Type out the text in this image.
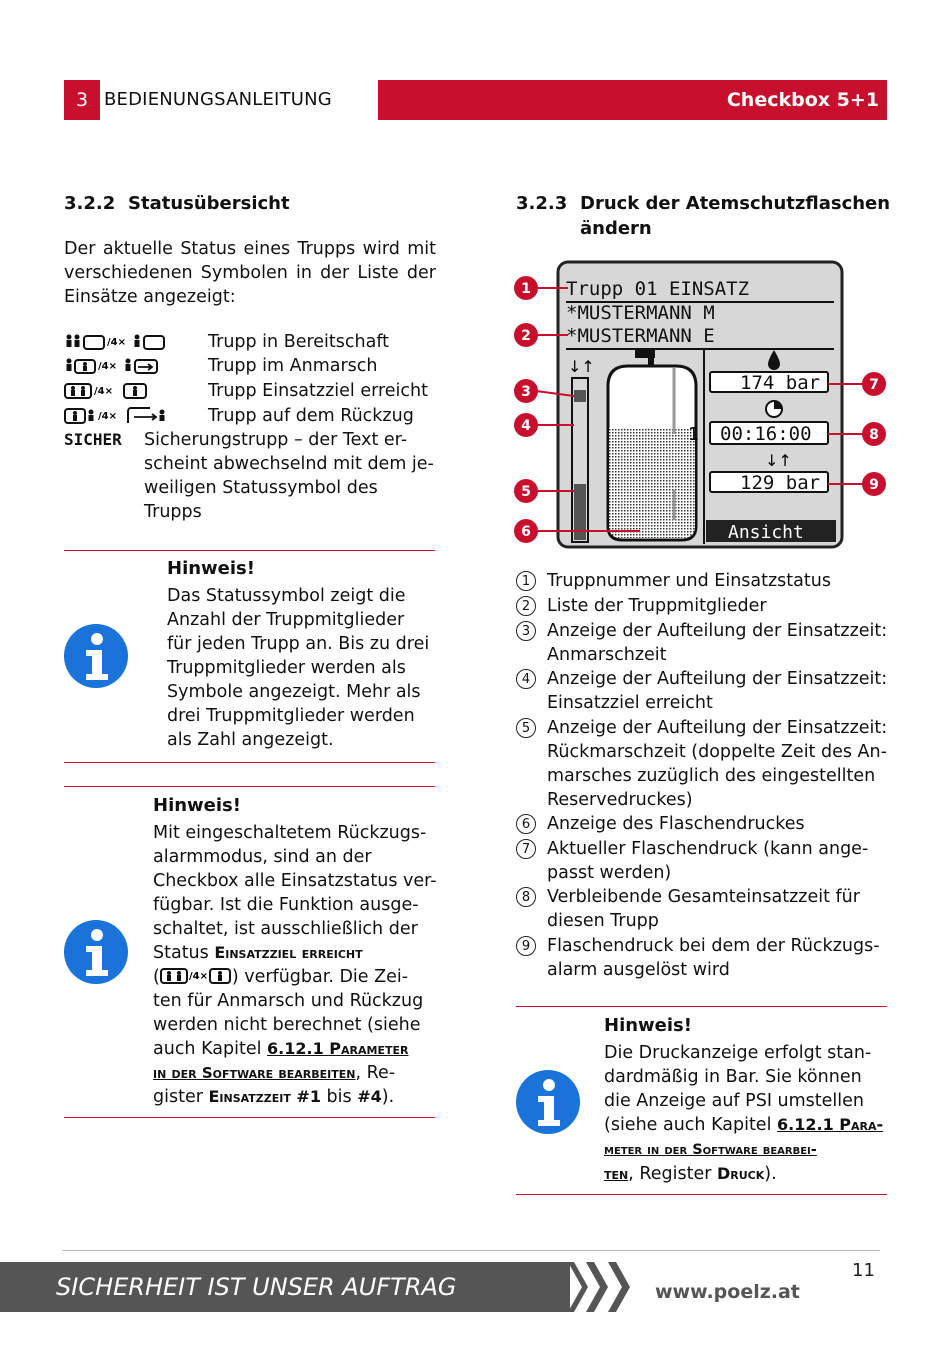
3 BEDIENUNGSANLEITUNG	Checkbox 5+1
3.2.2 Statusübersicht
Der aktuelle Status eines Trupps wird mit
verschiedenen Symbolen in der Liste der
Einsätze angezeigt:
/4×	Trupp in Bereitschaft
/4×	Trupp im Anmarsch
/4×	Trupp Einsatzziel erreicht
/4×	Trupp auf dem Rückzug
SICHER Sicherungstrupp – der Text er-
scheint abwechselnd mit dem je-
weiligen Statussymbol des
Trupps
Hinweis!
Das Statussymbol zeigt die
Anzahl der Truppmitglieder
für jeden Trupp an. Bis zu drei
Truppmitglieder werden als
Symbole angezeigt. Mehr als
drei Truppmitglieder werden
als Zahl angezeigt.
Hinweis!
Mit eingeschaltetem Rückzugs-
alarmmodus, sind an der
Checkbox alle Einsatzstatus ver-
fügbar. Ist die Funktion ausge-
schaltet, ist ausschließlich der
Status Einsatzziel erreicht
(	/4× ) verfügbar. Die Zei-
ten für Anmarsch und Rückzug
werden nicht berechnet (siehe
auch Kapitel 6.12.1 Parameter
in der Software bearbeiten, Re-
gister Einsatzzeit #1 bis #4).
3.2.3 Druck der Atemschutzflaschen
ändern
Trupp 01 EINSATZ
*MUSTERMANN M
*MUSTERMANN E
↓↑
1
174 bar
00:16:00
↓↑
129 bar
Ansicht
1
2
3
4
5
6
7
8
9
1 Truppnummer und Einsatzstatus
2 Liste der Truppmitglieder
3 Anzeige der Aufteilung der Einsatzzeit:
Anmarschzeit
4 Anzeige der Aufteilung der Einsatzzeit:
Einsatzziel erreicht
5 Anzeige der Aufteilung der Einsatzzeit:
Rückmarschzeit (doppelte Zeit des An-
marsches zuzüglich des eingestellten
Reservedruckes)
6 Anzeige des Flaschendruckes
7 Aktueller Flaschendruck (kann ange-
passt werden)
8 Verbleibende Gesamteinsatzzeit für
diesen Trupp
9 Flaschendruck bei dem der Rückzugs-
alarm ausgelöst wird
Hinweis!
Die Druckanzeige erfolgt stan-
dardmäßig in Bar. Sie können
die Anzeige auf PSI umstellen
(siehe auch Kapitel 6.12.1 Para-
meter in der Software bearbei-
ten, Register Druck).
SICHERHEIT IST UNSER AUFTRAG	www.poelz.at
11
